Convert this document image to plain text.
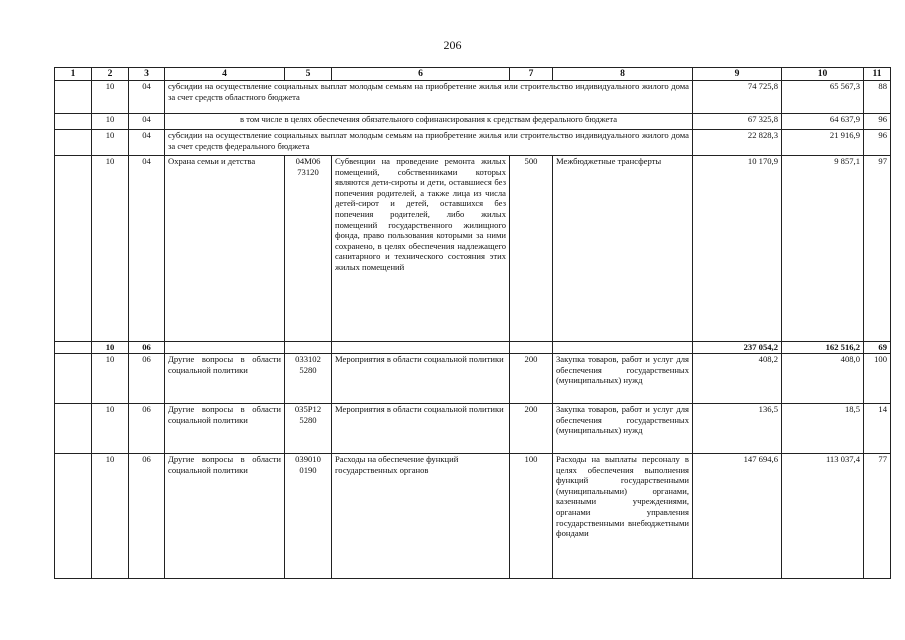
206
1	2	3	4	5	6	7	8	9	10	11
	10	04	субсидии на осуществление социальных выплат молодым семьям на приобретение жилья или строительство индивидуального жилого дома за счет средств областного бюджета					74 725,8	65 567,3	88
	10	04	в том числе в целях обеспечения обязательного софинансирования к средствам федерального бюджета					67 325,8	64 637,9	96
	10	04	субсидии на осуществление социальных выплат молодым семьям на приобретение жилья или строительство индивидуального жилого дома за счет средств федерального бюджета					22 828,3	21 916,9	96
	10	04	Охрана семьи и детства	04М06 73120	Субвенции на проведение ремонта жилых помещений, собственниками которых являются дети-сироты и дети, оставшиеся без попечения родителей, а также лица из числа детей-сирот и детей, оставшихся без попечения родителей, либо жилых помещений государственного жилищного фонда, право пользования которыми за ними сохранено, в целях обеспечения надлежащего санитарного и технического состояния этих жилых помещений	500	Межбюджетные трансферты	10 170,9	9 857,1	97
	10	06						237 054,2	162 516,2	69
	10	06	Другие вопросы в области социальной политики	033102 5280	Мероприятия в области социальной политики	200	Закупка товаров, работ и услуг для обеспечения государственных (муниципальных) нужд	408,2	408,0	100
	10	06	Другие вопросы в области социальной политики	035Р12 5280	Мероприятия в области социальной политики	200	Закупка товаров, работ и услуг для обеспечения государственных (муниципальных) нужд	136,5	18,5	14
	10	06	Другие вопросы в области социальной политики	039010 0190	Расходы на обеспечение функций государственных органов	100	Расходы на выплаты персоналу в целях обеспечения выполнения функций государственными (муниципальными) органами, казенными учреждениями, органами управления государственными внебюджетными фондами	147 694,6	113 037,4	77
